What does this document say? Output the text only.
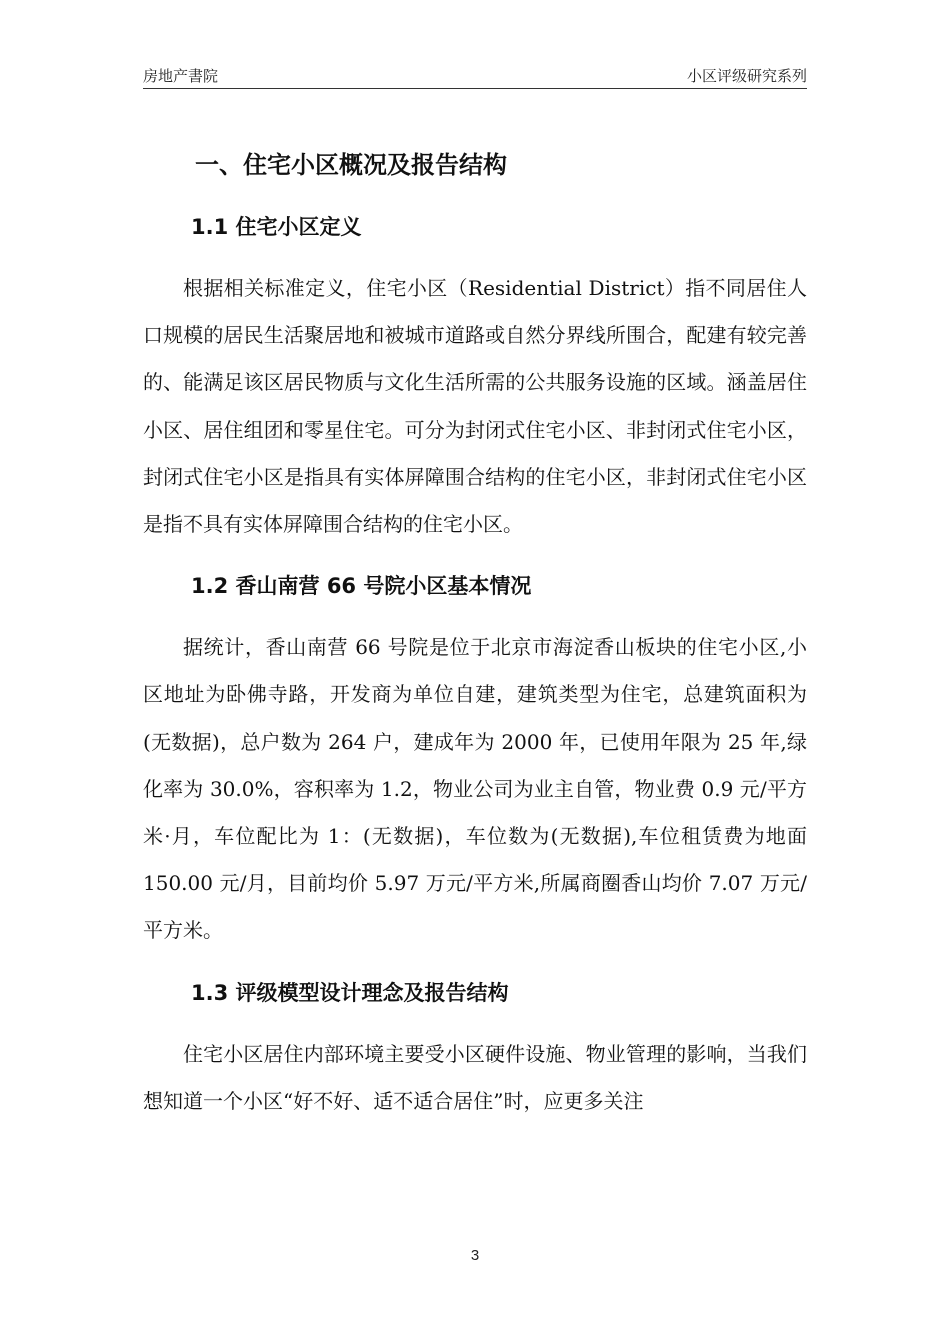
房地产書院	小区评级研究系列
一、住宅小区概况及报告结构
1.1 住宅小区定义

根据相关标准定义，住宅小区（Residential District）指不同居住人口规模的居民生活聚居地和被城市道路或自然分界线所围合，配建有较完善的、能满足该区居民物质与文化生活所需的公共服务设施的区域。涵盖居住小区、居住组团和零星住宅。可分为封闭式住宅小区、非封闭式住宅小区，封闭式住宅小区是指具有实体屏障围合结构的住宅小区，非封闭式住宅小区是指不具有实体屏障围合结构的住宅小区。

1.2 香山南营 66 号院小区基本情况

据统计，香山南营 66 号院是位于北京市海淀香山板块的住宅小区,小区地址为卧佛寺路，开发商为单位自建，建筑类型为住宅，总建筑面积为(无数据)，总户数为 264 户，建成年为 2000 年，已使用年限为 25 年,绿化率为 30.0%，容积率为 1.2，物业公司为业主自管，物业费 0.9 元/平方米·月，车位配比为 1：(无数据)，车位数为(无数据),车位租赁费为地面 150.00 元/月，目前均价 5.97 万元/平方米,所属商圈香山均价 7.07 万元/平方米。

1.3 评级模型设计理念及报告结构

住宅小区居住内部环境主要受小区硬件设施、物业管理的影响，当我们想知道一个小区“好不好、适不适合居住”时，应更多关注

3
